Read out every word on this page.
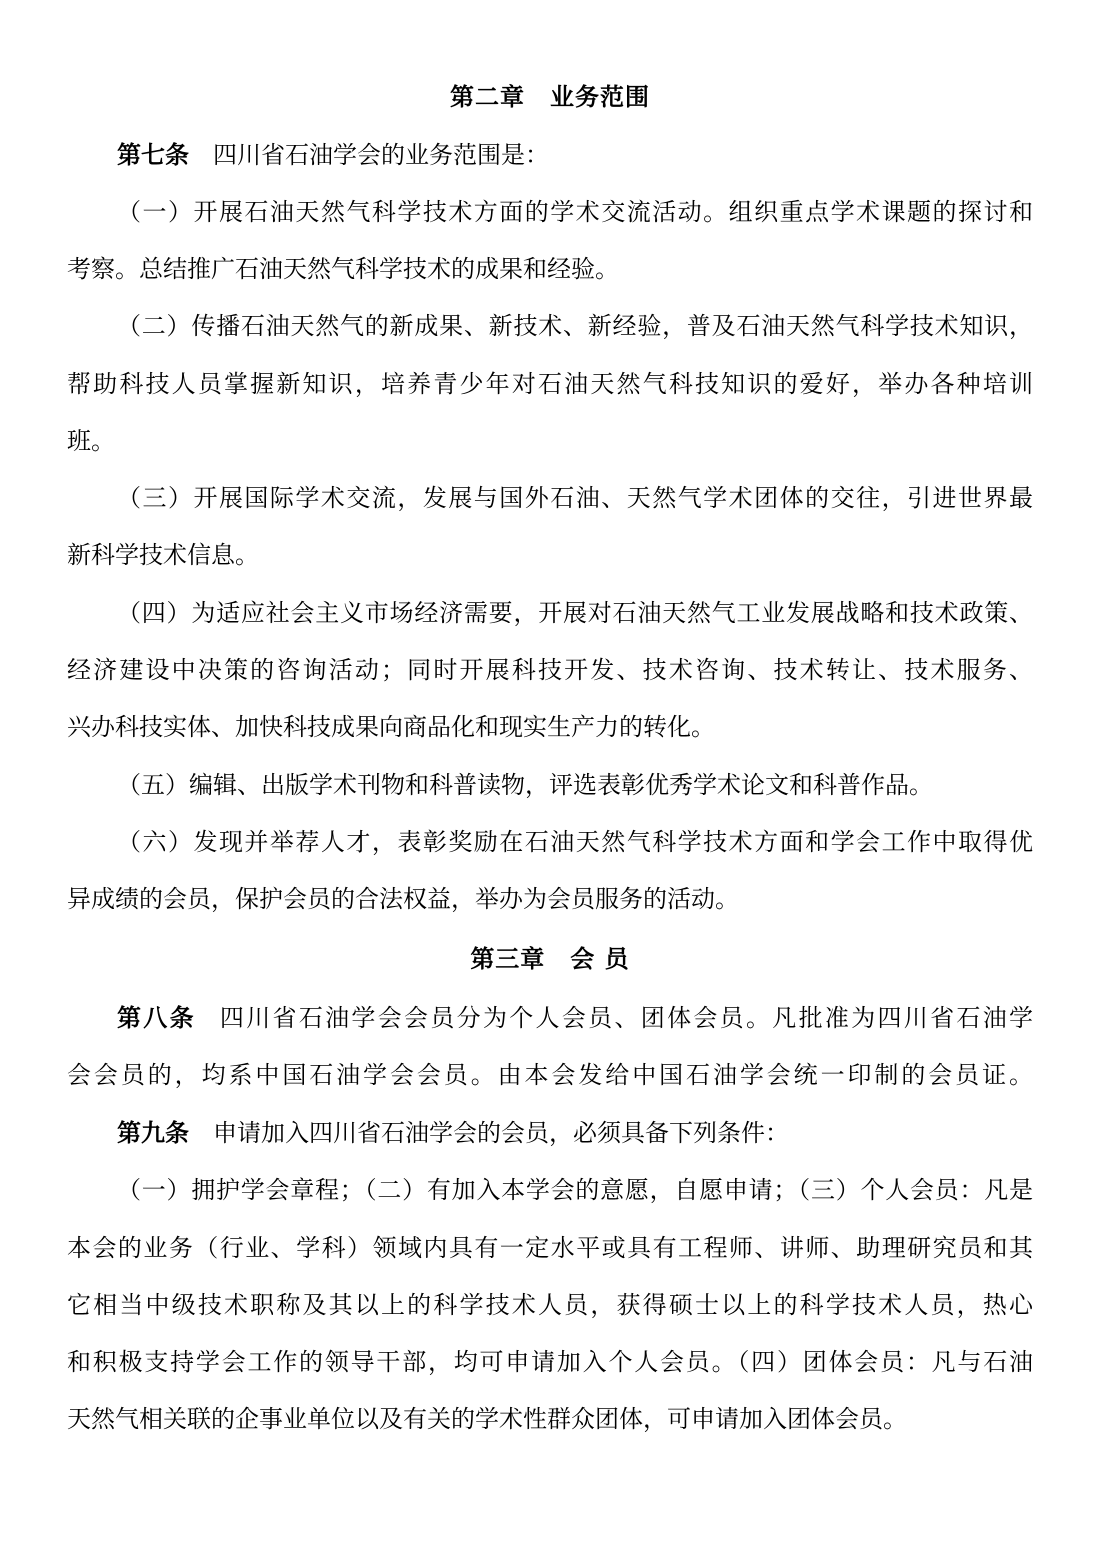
第二章　业务范围
第七条 四川省石油学会的业务范围是：
（一）开展石油天然气科学技术方面的学术交流活动。组织重点学术课题的探讨和
考察。总结推广石油天然气科学技术的成果和经验。
（二）传播石油天然气的新成果、新技术、新经验，普及石油天然气科学技术知识，
帮助科技人员掌握新知识，培养青少年对石油天然气科技知识的爱好，举办各种培训
班。
（三）开展国际学术交流，发展与国外石油、天然气学术团体的交往，引进世界最
新科学技术信息。
（四）为适应社会主义市场经济需要，开展对石油天然气工业发展战略和技术政策、
经济建设中决策的咨询活动；同时开展科技开发、技术咨询、技术转让、技术服务、
兴办科技实体、加快科技成果向商品化和现实生产力的转化。
（五）编辑、出版学术刊物和科普读物，评选表彰优秀学术论文和科普作品。
（六）发现并举荐人才，表彰奖励在石油天然气科学技术方面和学会工作中取得优
异成绩的会员，保护会员的合法权益，举办为会员服务的活动。
第三章　会 员
第八条 四川省石油学会会员分为个人会员、团体会员。凡批准为四川省石油学
会会员的，均系中国石油学会会员。由本会发给中国石油学会统一印制的会员证。
第九条 申请加入四川省石油学会的会员，必须具备下列条件：
（一）拥护学会章程；（二）有加入本学会的意愿，自愿申请；（三）个人会员：凡是
本会的业务（行业、学科）领域内具有一定水平或具有工程师、讲师、助理研究员和其
它相当中级技术职称及其以上的科学技术人员，获得硕士以上的科学技术人员，热心
和积极支持学会工作的领导干部，均可申请加入个人会员。（四）团体会员：凡与石油
天然气相关联的企事业单位以及有关的学术性群众团体，可申请加入团体会员。
